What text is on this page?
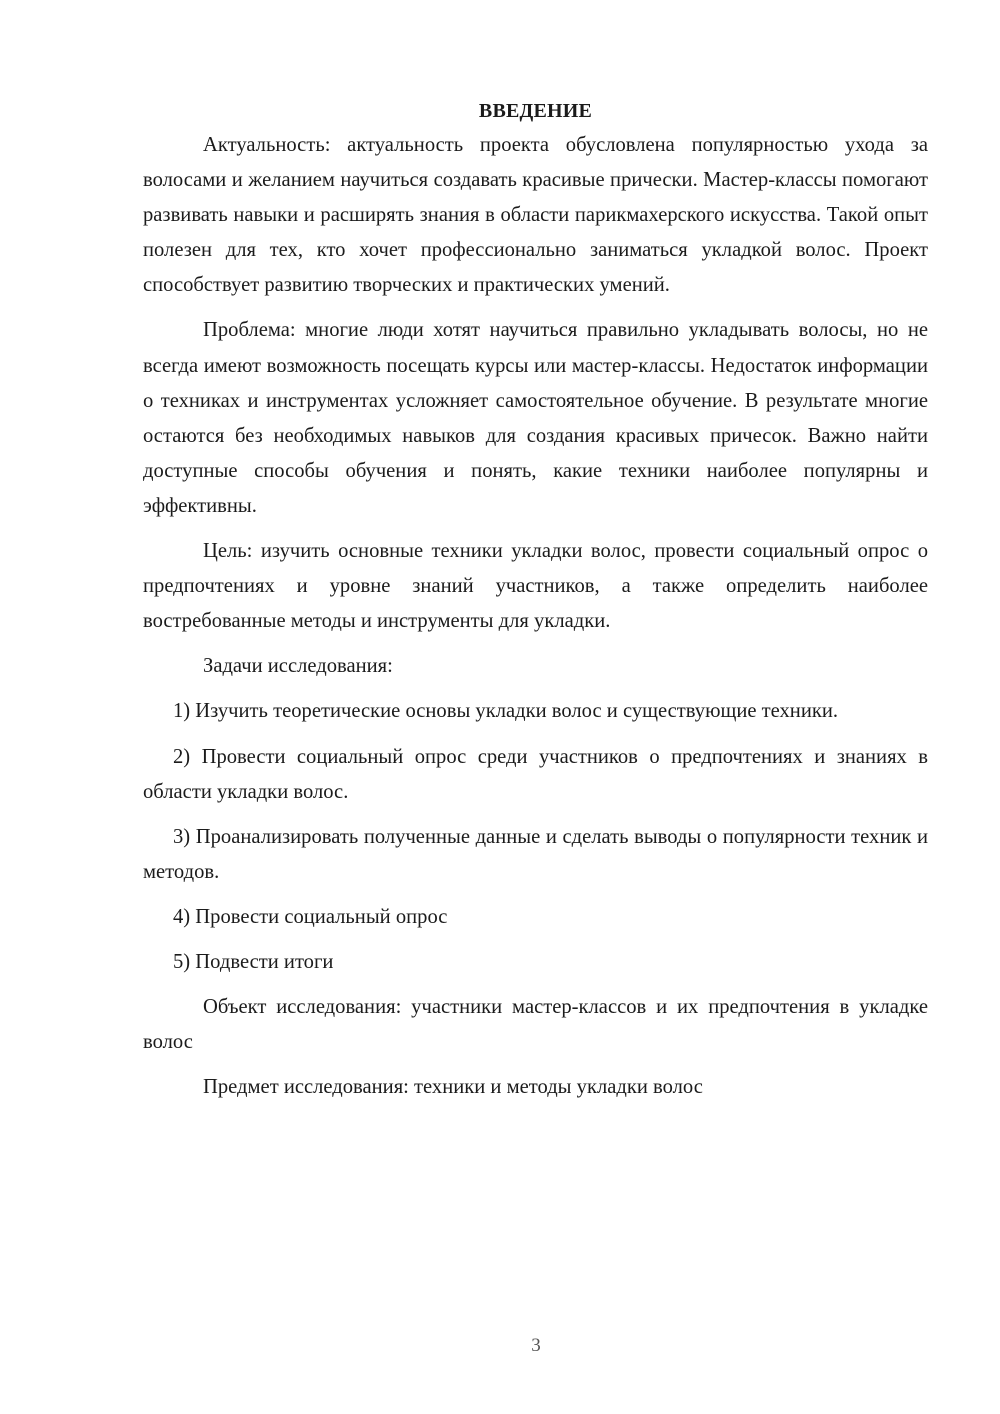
ВВЕДЕНИЕ

Актуальность: актуальность проекта обусловлена популярностью ухода за волосами и желанием научиться создавать красивые прически. Мастер-классы помогают развивать навыки и расширять знания в области парикмахерского искусства. Такой опыт полезен для тех, кто хочет профессионально заниматься укладкой волос. Проект способствует развитию творческих и практических умений.

Проблема: многие люди хотят научиться правильно укладывать волосы, но не всегда имеют возможность посещать курсы или мастер-классы. Недостаток информации о техниках и инструментах усложняет самостоятельное обучение. В результате многие остаются без необходимых навыков для создания красивых причесок. Важно найти доступные способы обучения и понять, какие техники наиболее популярны и эффективны.

Цель: изучить основные техники укладки волос, провести социальный опрос о предпочтениях и уровне знаний участников, а также определить наиболее востребованные методы и инструменты для укладки.

Задачи исследования:

1) Изучить теоретические основы укладки волос и существующие техники.

2) Провести социальный опрос среди участников о предпочтениях и знаниях в области укладки волос.

3) Проанализировать полученные данные и сделать выводы о популярности техник и методов.

4) Провести социальный опрос

5) Подвести итоги

Объект исследования: участники мастер-классов и их предпочтения в укладке волос

Предмет исследования: техники и методы укладки волос

3
